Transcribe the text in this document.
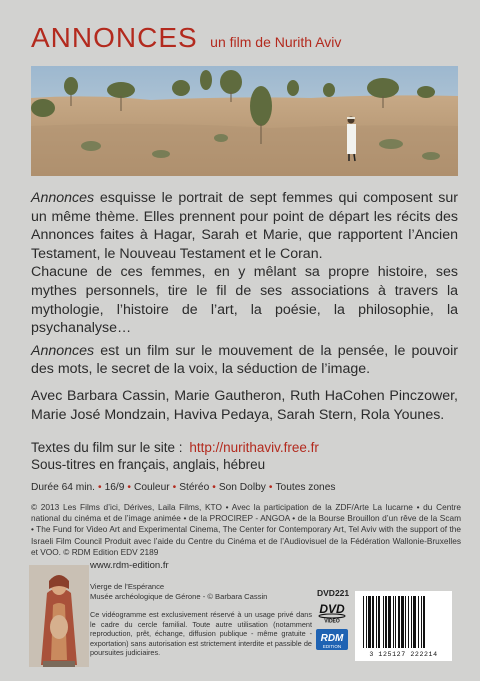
ANNONCES un film de Nurith Aviv

Annonces esquisse le portrait de sept femmes qui composent sur un même thème. Elles prennent pour point de départ les récits des Annonces faites à Hagar, Sarah et Marie, que rapportent l’Ancien Testament, le Nouveau Testament et le Coran.

Chacune de ces femmes, en y mêlant sa propre histoire, ses mythes personnels, tire le fil de ses associations à travers la mythologie, l’histoire de l’art, la poésie, la philosophie, la psychanalyse…

Annonces est un film sur le mouvement de la pensée, le pouvoir des mots, le secret de la voix, la séduction de l’image.

Avec Barbara Cassin, Marie Gautheron, Ruth HaCohen Pinczower, Marie José Mondzain, Haviva Pedaya, Sarah Stern, Rola Younes.

Textes du film sur le site : http://nurithaviv.free.fr
Sous-titres en français, anglais, hébreu
Durée 64 min. • 16/9 • Couleur • Stéréo • Son Dolby • Toutes zones
© 2013 Les Films d’ici, Dérives, Laila Films, KTO • Avec la participation de la ZDF/Arte La lucarne • du Centre national du cinéma et de l’image animée • de la PROCIREP - ANGOA • de la Bourse Brouillon d’un rêve de la Scam • The Fund for Video Art and Experimental Cinema, The Center for Contemporary Art, Tel Aviv with the support of the Israeli Film Council Produit avec l’aide du Centre du Cinéma et de l’Audiovisuel de la Fédération Wallonie-Bruxelles et VOO. © RDM Edition EDV 2189
www.rdm-edition.fr
Vierge de l’Espérance
Musée archéologique de Gérone - © Barbara Cassin
Ce vidéogramme est exclusivement réservé à un usage privé dans le cadre du cercle familial. Toute autre utilisation (notamment reproduction, prêt, échange, diffusion publique - même gratuite - exportation) sans autorisation est strictement interdite et passible de poursuites judiciaires.
DVD221
DVD
VIDEO
RDM
EDITION
3 125127 222214
